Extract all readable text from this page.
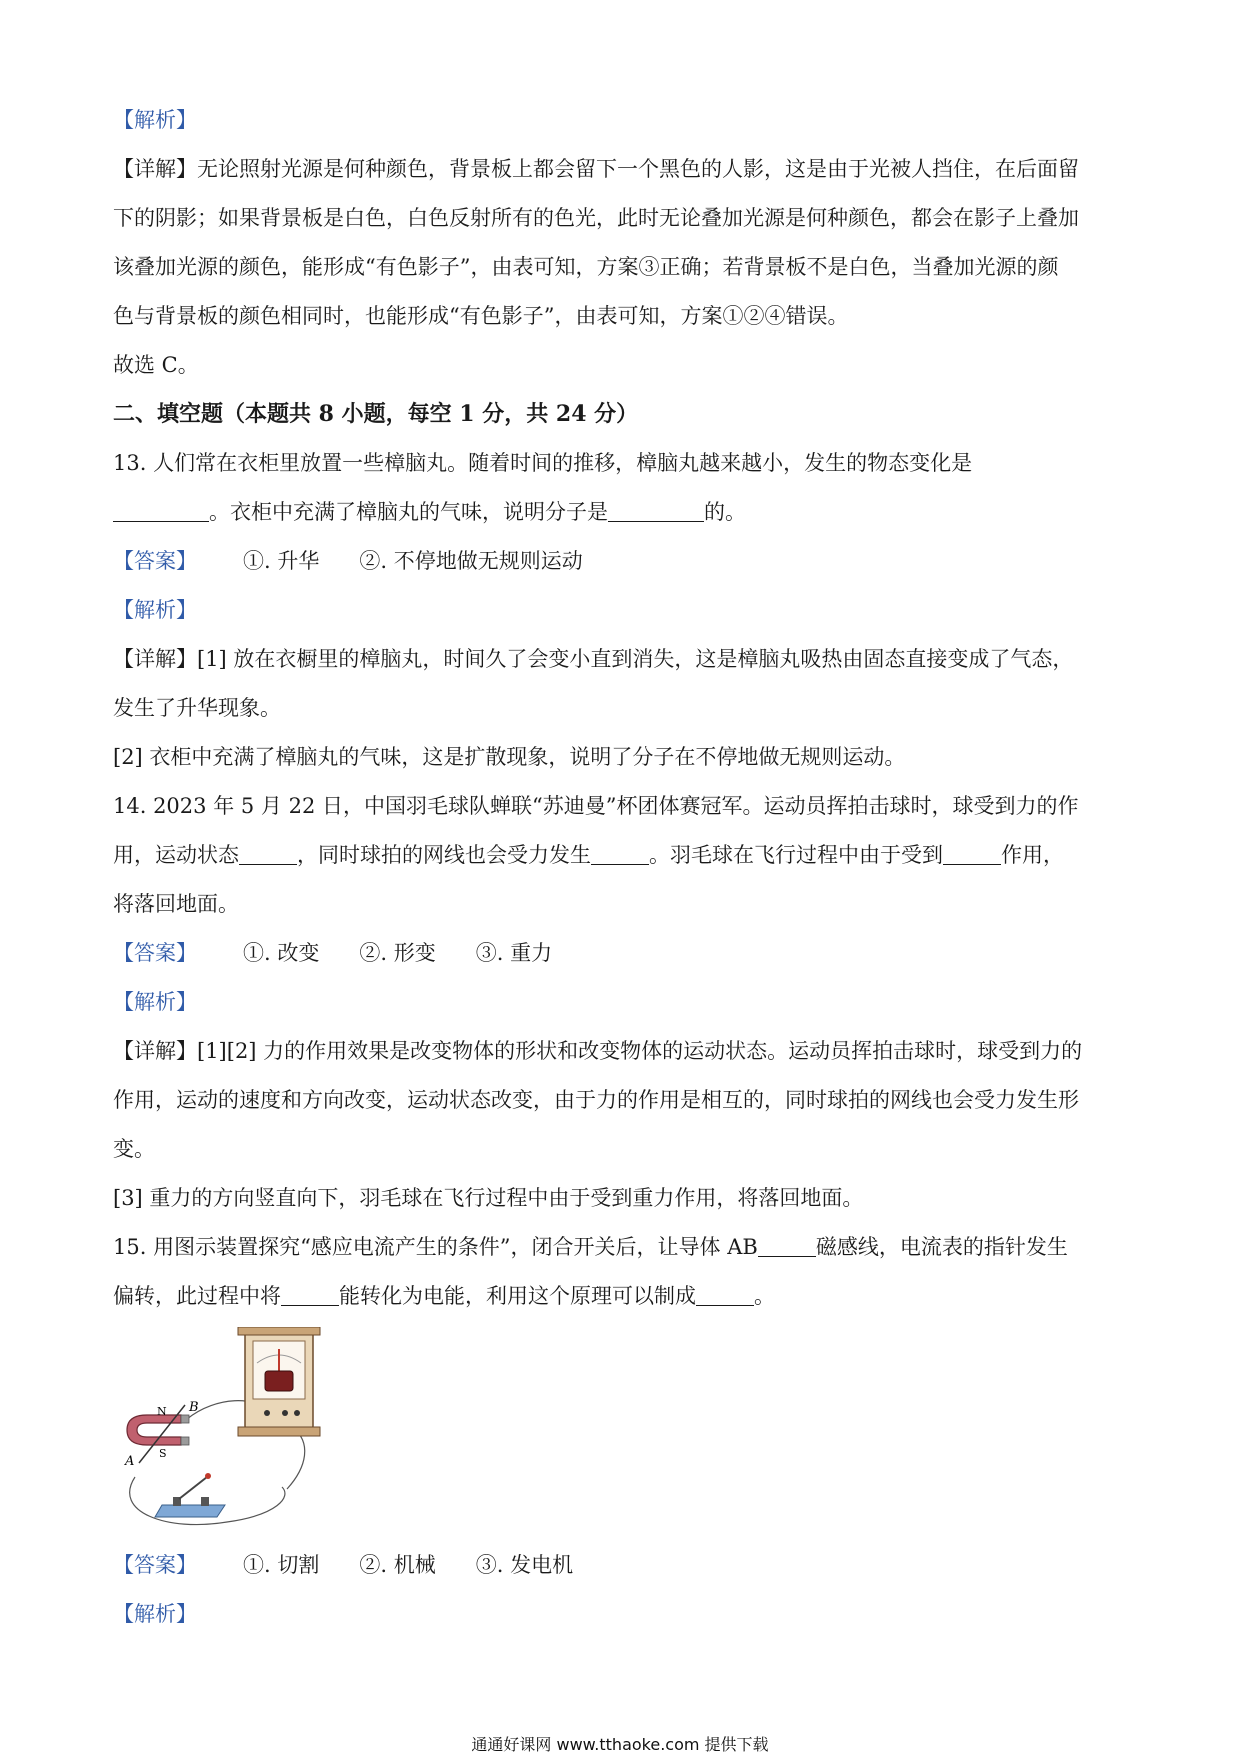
【解析】
【详解】无论照射光源是何种颜色，背景板上都会留下一个黑色的人影，这是由于光被人挡住，在后面留
下的阴影；如果背景板是白色，白色反射所有的色光，此时无论叠加光源是何种颜色，都会在影子上叠加
该叠加光源的颜色，能形成“有色影子”，由表可知，方案③正确；若背景板不是白色，当叠加光源的颜
色与背景板的颜色相同时，也能形成“有色影子”，由表可知，方案①②④错误。
故选 C。
二、填空题（本题共 8 小题，每空 1 分，共 24 分）
13. 人们常在衣柜里放置一些樟脑丸。随着时间的推移，樟脑丸越来越小，发生的物态变化是
。衣柜中充满了樟脑丸的气味，说明分子是	的。
【答案】 ①. 升华 ②. 不停地做无规则运动
【解析】
【详解】[1] 放在衣橱里的樟脑丸，时间久了会变小直到消失，这是樟脑丸吸热由固态直接变成了气态，
发生了升华现象。
[2] 衣柜中充满了樟脑丸的气味，这是扩散现象，说明了分子在不停地做无规则运动。
14. 2023 年 5 月 22 日，中国羽毛球队蝉联“苏迪曼”杯团体赛冠军。运动员挥拍击球时，球受到力的作
用，运动状态	，同时球拍的网线也会受力发生	。羽毛球在飞行过程中由于受到	作用，
将落回地面。
【答案】 ①. 改变 ②. 形变 ③. 重力
【解析】
【详解】[1][2] 力的作用效果是改变物体的形状和改变物体的运动状态。运动员挥拍击球时，球受到力的
作用，运动的速度和方向改变，运动状态改变，由于力的作用是相互的，同时球拍的网线也会受力发生形
变。
[3] 重力的方向竖直向下，羽毛球在飞行过程中由于受到重力作用，将落回地面。
15. 用图示装置探究“感应电流产生的条件”，闭合开关后，让导体 AB	磁感线，电流表的指针发生
偏转，此过程中将	能转化为电能，利用这个原理可以制成	。
N
S
A
B
【答案】 ①. 切割 ②. 机械 ③. 发电机
【解析】
通通好课网 www.tthaoke.com 提供下载
